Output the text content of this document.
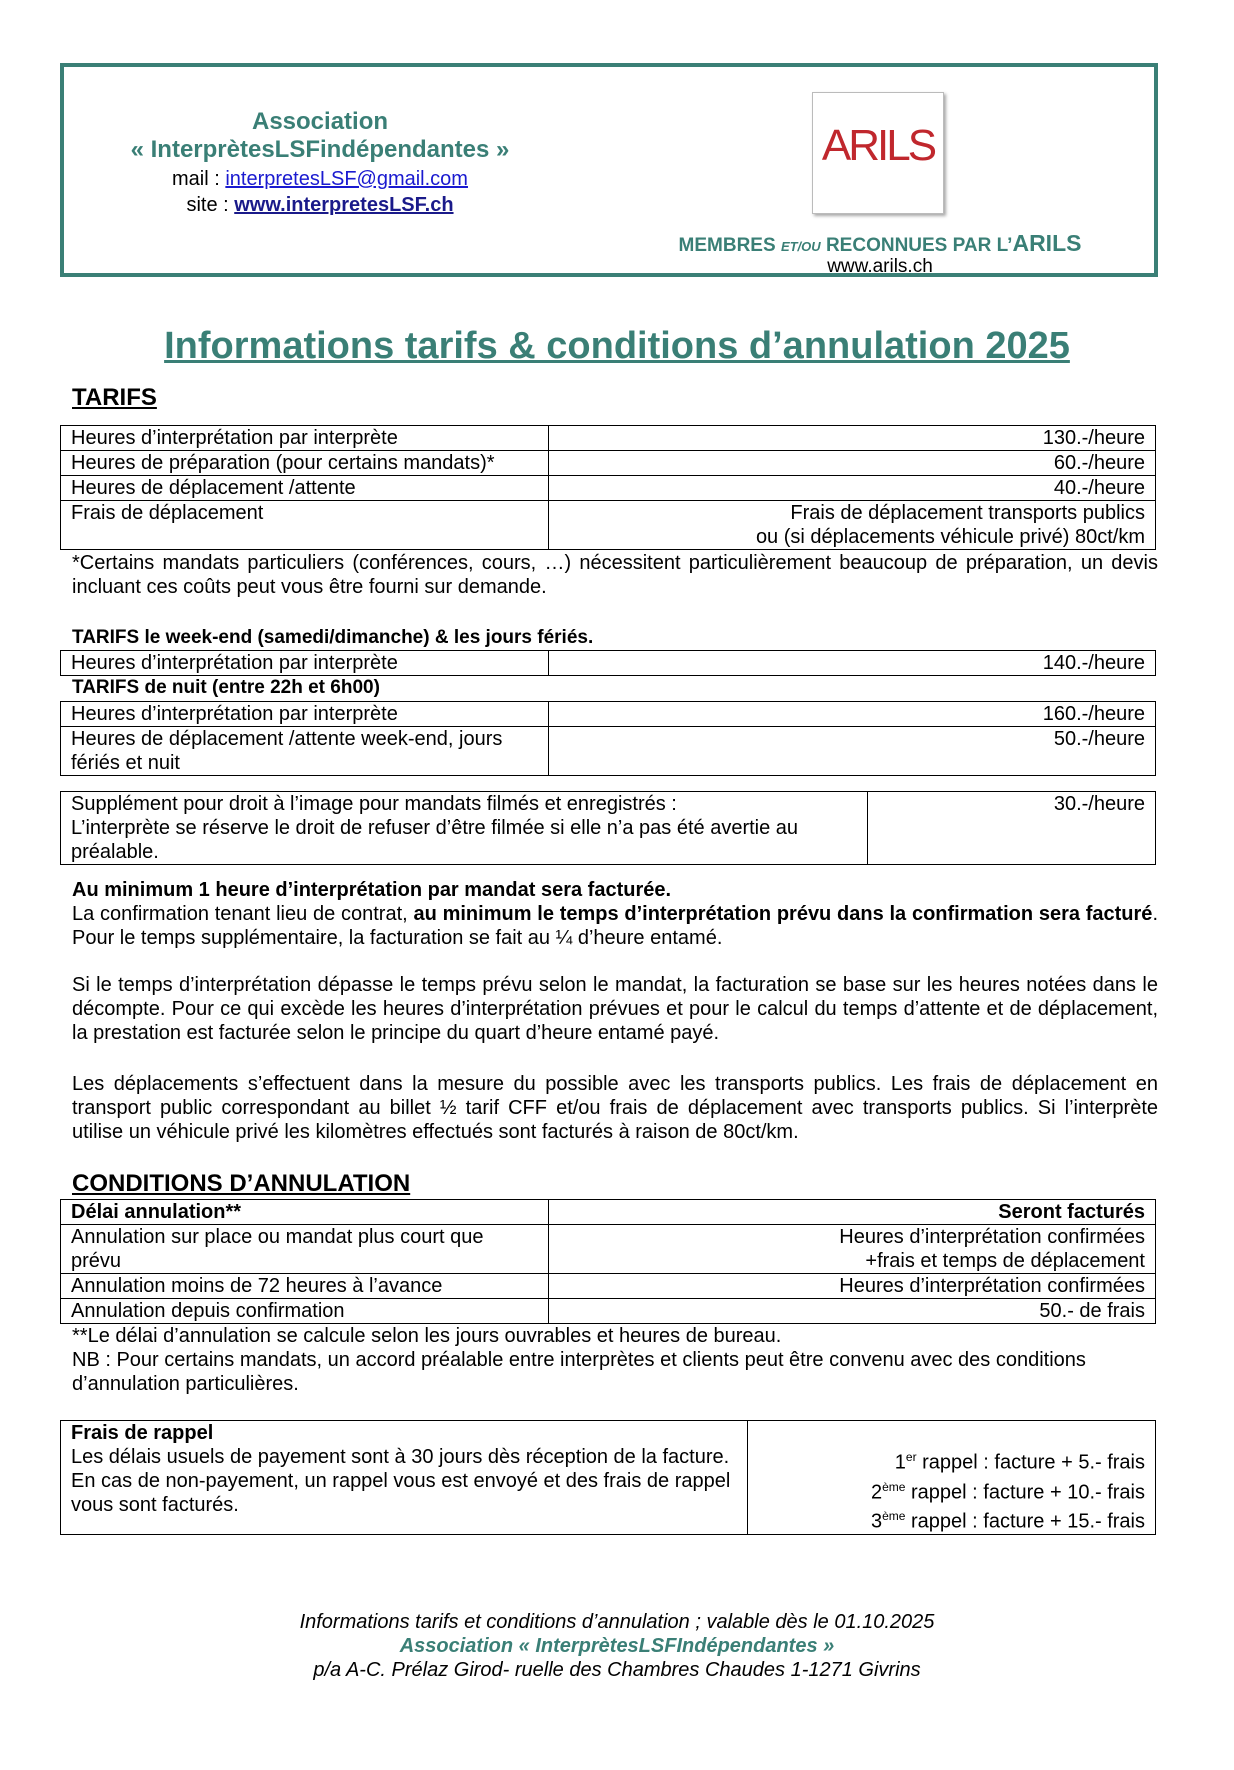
Association
« InterprètesLSFindépendantes »
mail : interpretesLSF@gmail.com
site : www.interpretesLSF.ch
ARILS
MEMBRES ET/OU RECONNUES PAR L’ARILS
www.arils.ch
Informations tarifs & conditions d’annulation 2025
TARIFS
Heures d’interprétation par interprète	130.-/heure
Heures de préparation (pour certains mandats)*	60.-/heure
Heures de déplacement /attente	40.-/heure
Frais de déplacement	Frais de déplacement transports publics
ou (si déplacements véhicule privé) 80ct/km
*Certains mandats particuliers (conférences, cours, …) nécessitent particulièrement beaucoup de préparation, un devis incluant ces coûts peut vous être fourni sur demande.
TARIFS le week-end (samedi/dimanche) & les jours fériés.
Heures d’interprétation par interprète	140.-/heure
TARIFS de nuit (entre 22h et 6h00)
Heures d’interprétation par interprète	160.-/heure
Heures de déplacement /attente week-end, jours fériés et nuit	50.-/heure
Supplément pour droit à l’image pour mandats filmés et enregistrés :
L’interprète se réserve le droit de refuser d’être filmée si elle n’a pas été avertie au préalable.
	30.-/heure
Au minimum 1 heure d’interprétation par mandat sera facturée.
La confirmation tenant lieu de contrat, au minimum le temps d’interprétation prévu dans la confirmation sera facturé. Pour le temps supplémentaire, la facturation se fait au ¼ d’heure entamé.
Si le temps d’interprétation dépasse le temps prévu selon le mandat, la facturation se base sur les heures notées dans le décompte. Pour ce qui excède les heures d’interprétation prévues et pour le calcul du temps d’attente et de déplacement, la prestation est facturée selon le principe du quart d’heure entamé payé.
Les déplacements s’effectuent dans la mesure du possible avec les transports publics. Les frais de déplacement en transport public correspondant au billet ½ tarif CFF et/ou frais de déplacement avec transports publics. Si l’interprète utilise un véhicule privé les kilomètres effectués sont facturés à raison de 80ct/km.
CONDITIONS D’ANNULATION
Délai annulation**	Seront facturés
Annulation sur place ou mandat plus court que prévu	Heures d’interprétation confirmées
+frais et temps de déplacement

Annulation moins de 72 heures à l’avance	Heures d’interprétation confirmées
Annulation depuis confirmation	50.- de frais
**Le délai d’annulation se calcule selon les jours ouvrables et heures de bureau.
NB : Pour certains mandats, un accord préalable entre interprètes et clients peut être convenu avec des conditions d’annulation particulières.
Frais de rappel
Les délais usuels de payement sont à 30 jours dès réception de la facture. En cas de non-payement, un rappel vous est envoyé et des frais de rappel vous sont facturés.

1er rappel : facture + 5.- frais
2ème rappel : facture + 10.- frais
3ème rappel : facture + 15.- frais
Informations tarifs et conditions d’annulation ; valable dès le 01.10.2025
Association « InterprètesLSFIndépendantes »
p/a A-C. Prélaz Girod- ruelle des Chambres Chaudes 1-1271 Givrins
